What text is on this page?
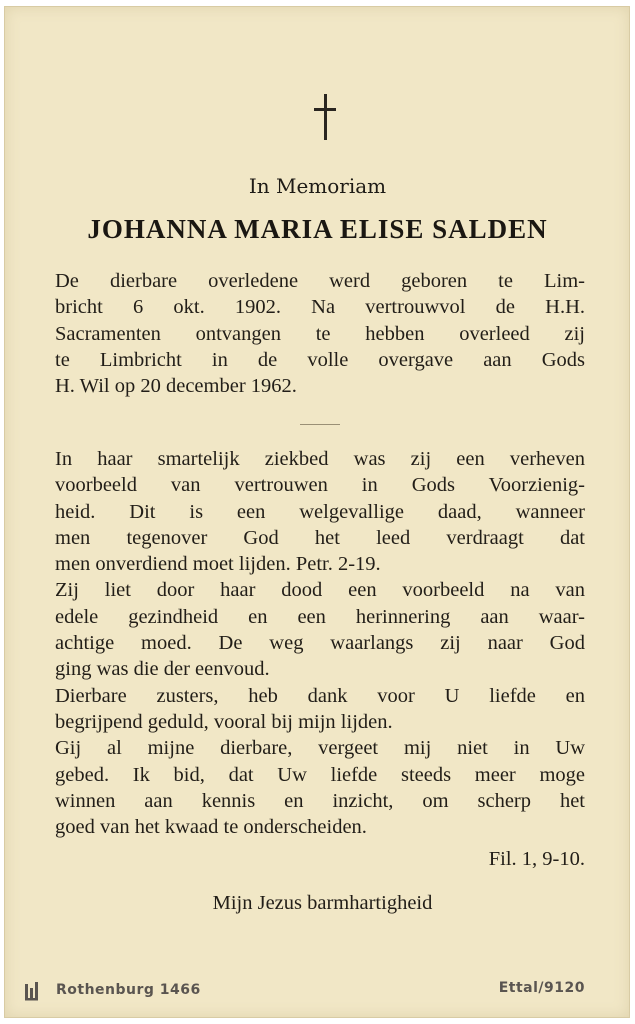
In Memoriam
JOHANNA MARIA ELISE SALDEN
De dierbare overledene werd geboren te Lim-
bricht 6 okt. 1902. Na vertrouwvol de H.H.
Sacramenten ontvangen te hebben overleed zij
te Limbricht in de volle overgave aan Gods
H. Wil op 20 december 1962.
In haar smartelijk ziekbed was zij een verheven
voorbeeld van vertrouwen in Gods Voorzienig-
heid. Dit is een welgevallige daad, wanneer
men tegenover God het leed verdraagt dat
men onverdiend moet lijden. Petr. 2-19.
Zij liet door haar dood een voorbeeld na van
edele gezindheid en een herinnering aan waar-
achtige moed. De weg waarlangs zij naar God
ging was die der eenvoud.
Dierbare zusters, heb dank voor U liefde en
begrijpend geduld, vooral bij mijn lijden.
Gij al mijne dierbare, vergeet mij niet in Uw
gebed. Ik bid, dat Uw liefde steeds meer moge
winnen aan kennis en inzicht, om scherp het
goed van het kwaad te onderscheiden.
Fil. 1, 9-10.
Mijn Jezus barmhartigheid
Rothenburg 1466	Ettal/9120
